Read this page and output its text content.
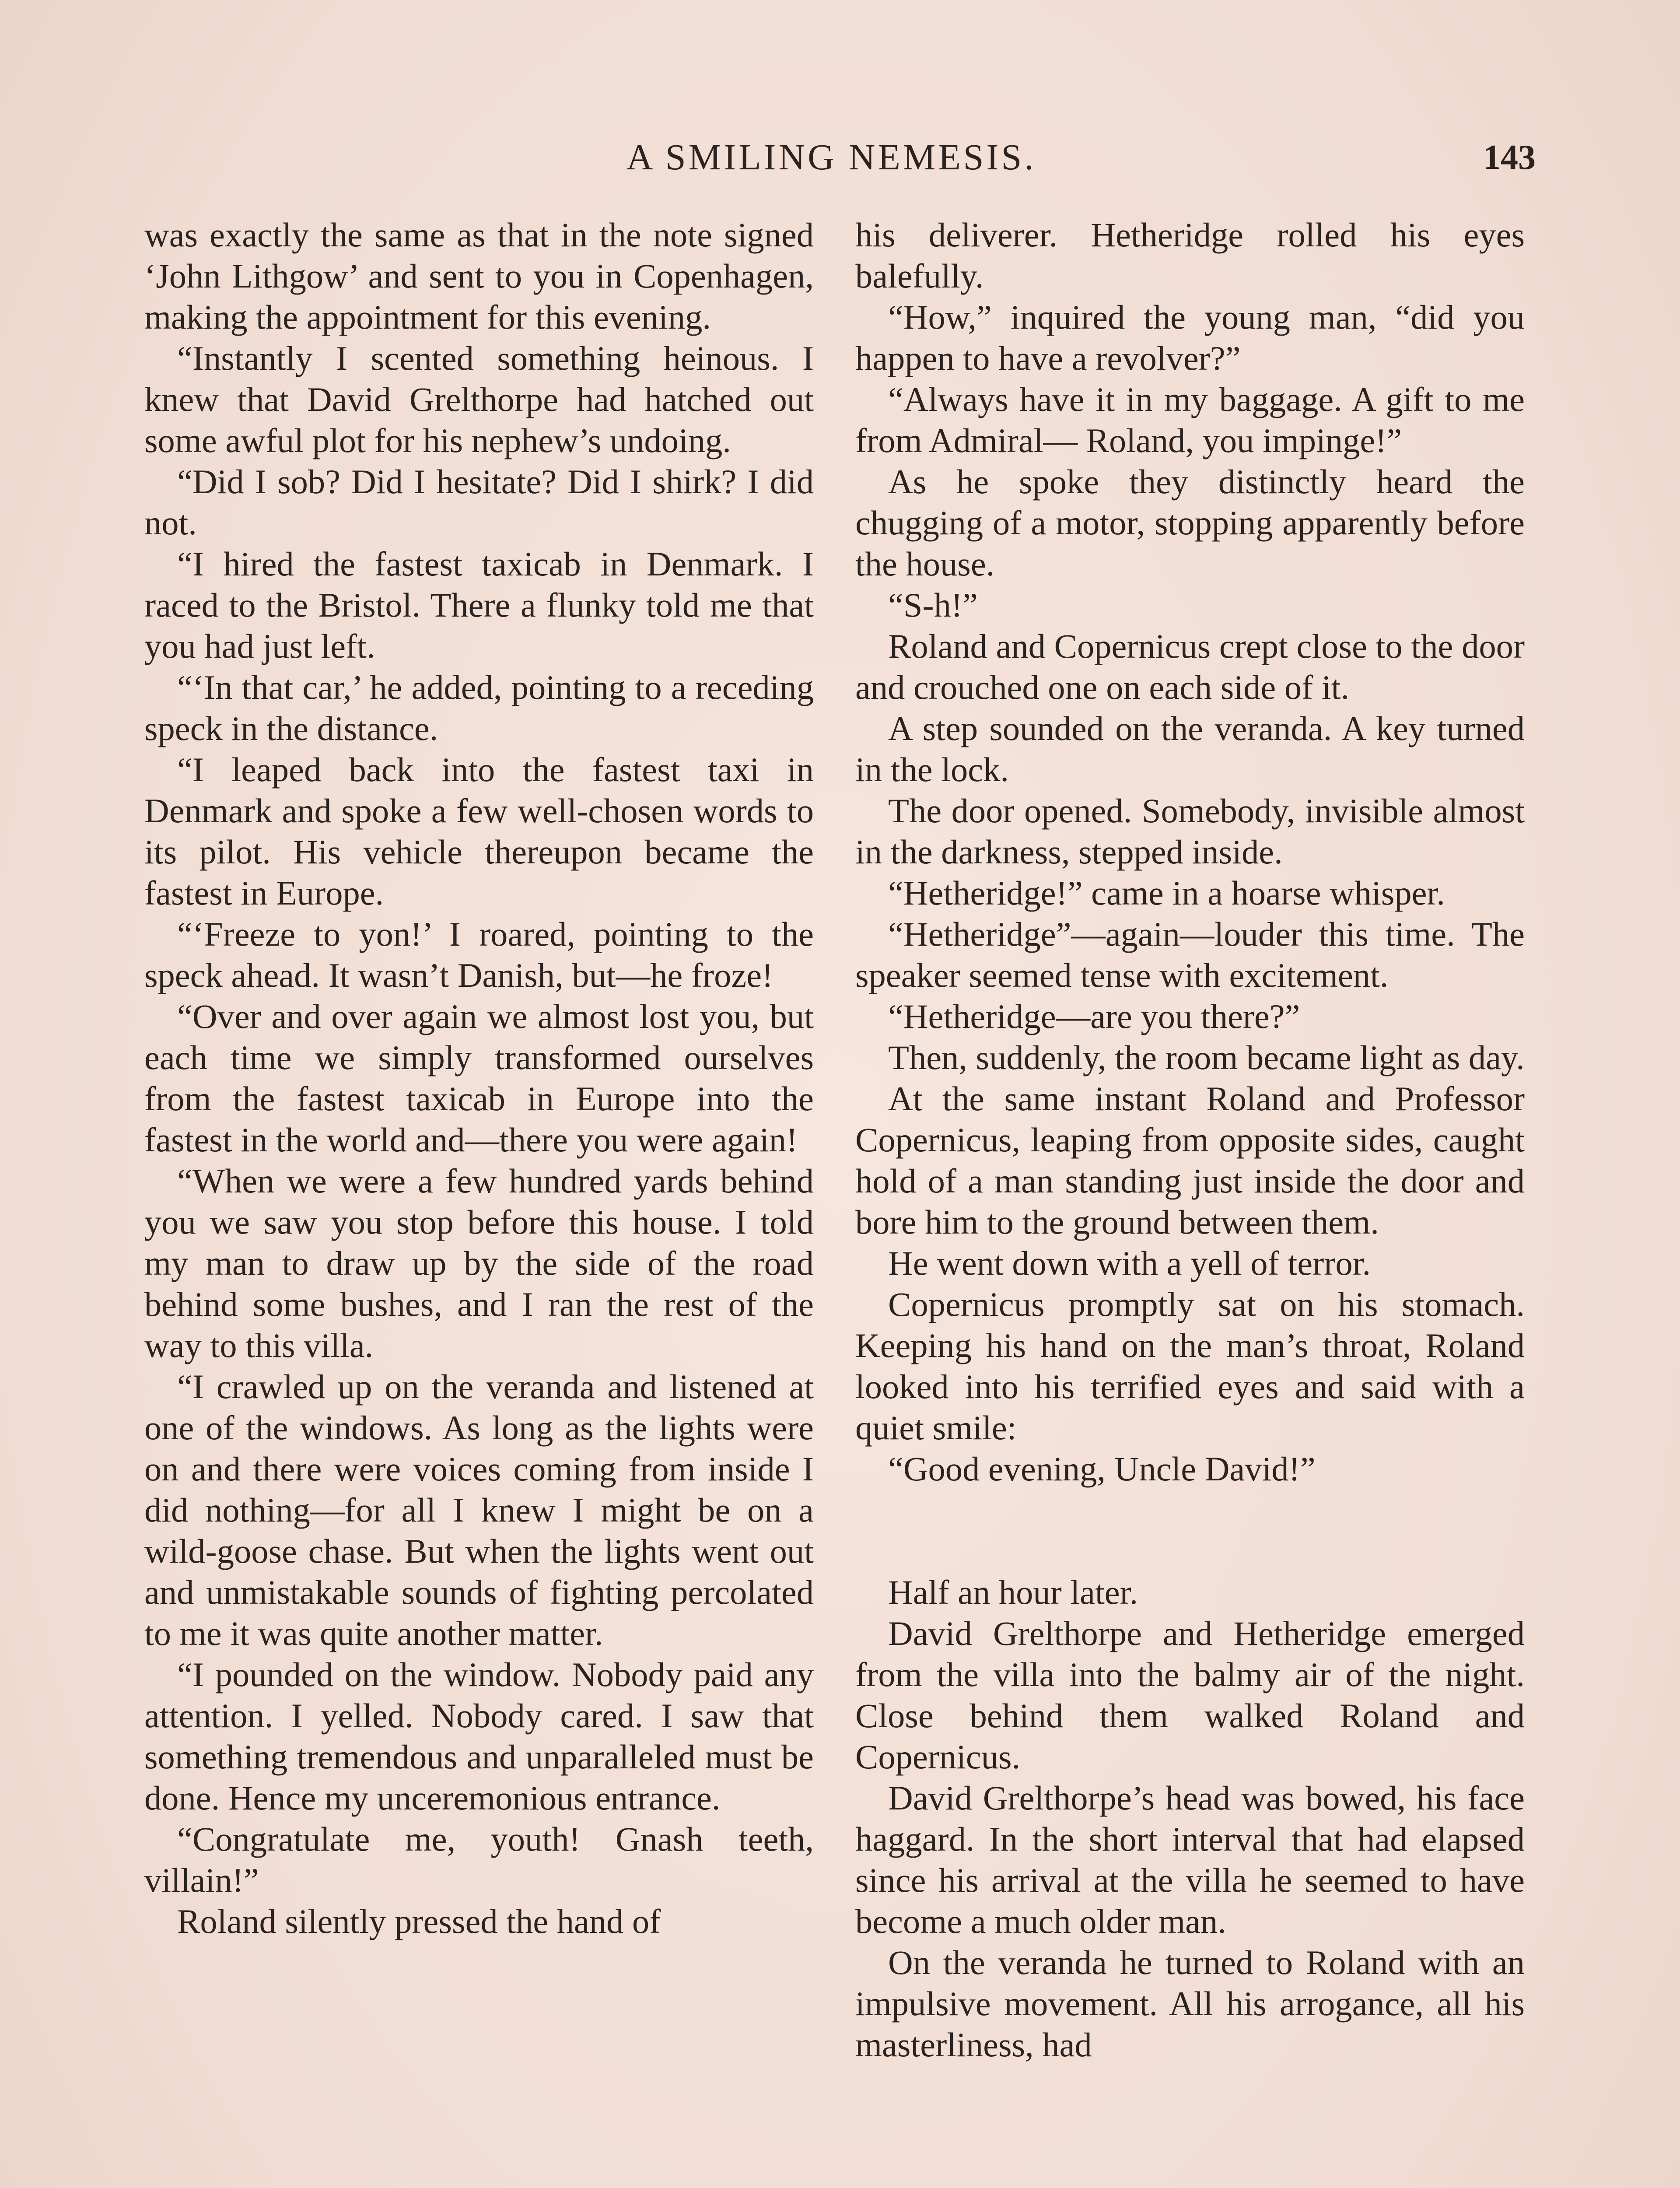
A SMILING NEMESIS.	143

was exactly the same as that in the note signed ‘John Lithgow’ and sent to you in Copenhagen, making the appointment for this evening.

“Instantly I scented something heinous. I knew that David Grelthorpe had hatched out some awful plot for his nephew’s undoing.

“Did I sob? Did I hesitate? Did I shirk? I did not.

“I hired the fastest taxicab in Denmark. I raced to the Bristol. There a flunky told me that you had just left.

“‘In that car,’ he added, pointing to a receding speck in the distance.

“I leaped back into the fastest taxi in Denmark and spoke a few well-chosen words to its pilot. His vehicle thereupon became the fastest in Europe.

“‘Freeze to yon!’ I roared, pointing to the speck ahead. It wasn’t Danish, but—he froze!

“Over and over again we almost lost you, but each time we simply transformed ourselves from the fastest taxicab in Europe into the fastest in the world and—there you were again!

“When we were a few hundred yards behind you we saw you stop before this house. I told my man to draw up by the side of the road behind some bushes, and I ran the rest of the way to this villa.

“I crawled up on the veranda and listened at one of the windows. As long as the lights were on and there were voices coming from inside I did nothing—for all I knew I might be on a wild-goose chase. But when the lights went out and unmistakable sounds of fighting percolated to me it was quite another matter.

“I pounded on the window. Nobody paid any attention. I yelled. Nobody cared. I saw that something tremendous and unparalleled must be done. Hence my unceremonious entrance.

“Congratulate me, youth! Gnash teeth, villain!”

Roland silently pressed the hand of

his deliverer. Hetheridge rolled his eyes balefully.

“How,” inquired the young man, “did you happen to have a revolver?”

“Always have it in my baggage. A gift to me from Admiral— Roland, you impinge!”

As he spoke they distinctly heard the chugging of a motor, stopping apparently before the house.

“S-h!”

Roland and Copernicus crept close to the door and crouched one on each side of it.

A step sounded on the veranda. A key turned in the lock.

The door opened. Somebody, invisible almost in the darkness, stepped inside.

“Hetheridge!” came in a hoarse whisper.

“Hetheridge”—again—louder this time. The speaker seemed tense with excitement.

“Hetheridge—are you there?”

Then, suddenly, the room became light as day.

At the same instant Roland and Professor Copernicus, leaping from opposite sides, caught hold of a man standing just inside the door and bore him to the ground between them.

He went down with a yell of terror.

Copernicus promptly sat on his stomach. Keeping his hand on the man’s throat, Roland looked into his terrified eyes and said with a quiet smile:

“Good evening, Uncle David!”

Half an hour later.

David Grelthorpe and Hetheridge emerged from the villa into the balmy air of the night. Close behind them walked Roland and Copernicus.

David Grelthorpe’s head was bowed, his face haggard. In the short interval that had elapsed since his arrival at the villa he seemed to have become a much older man.

On the veranda he turned to Roland with an impulsive movement. All his arrogance, all his masterliness, had
